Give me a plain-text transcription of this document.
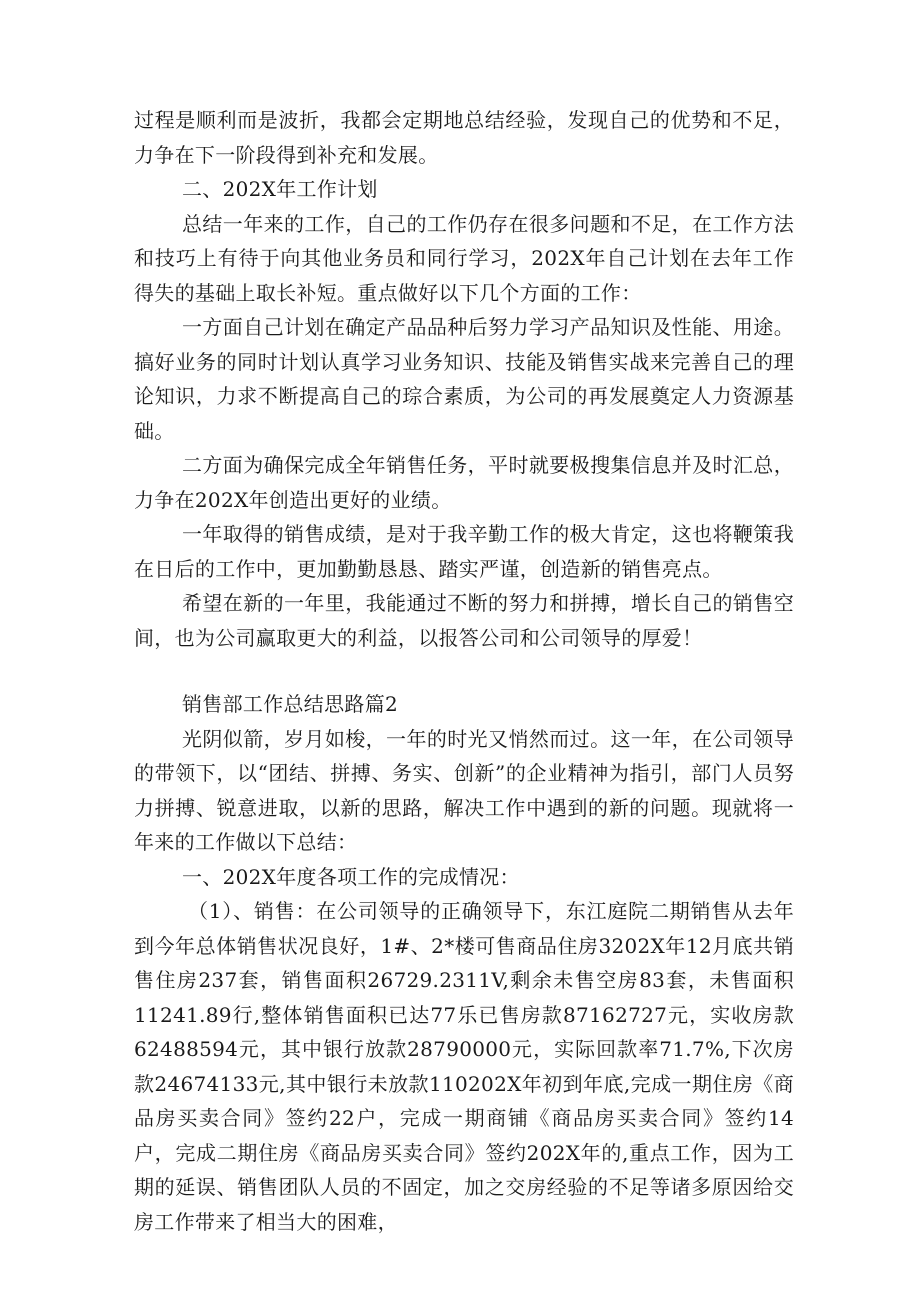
过程是顺利而是波折，我都会定期地总结经验，发现自己的优势和不足，力争在下一阶段得到补充和发展。

二、202X年工作计划

总结一年来的工作，自己的工作仍存在很多问题和不足，在工作方法和技巧上有待于向其他业务员和同行学习，202X年自己计划在去年工作得失的基础上取长补短。重点做好以下几个方面的工作：

一方面自己计划在确定产品品种后努力学习产品知识及性能、用途。搞好业务的同时计划认真学习业务知识、技能及销售实战来完善自己的理论知识，力求不断提高自己的琮合素质，为公司的再发展奠定人力资源基础。

二方面为确保完成全年销售任务，平时就要极搜集信息并及时汇总，力争在202X年创造出更好的业绩。

一年取得的销售成绩，是对于我辛勤工作的极大肯定，这也将鞭策我在日后的工作中，更加勤勤恳恳、踏实严谨，创造新的销售亮点。

希望在新的一年里，我能通过不断的努力和拼搏，增长自己的销售空间，也为公司赢取更大的利益，以报答公司和公司领导的厚爱！

销售部工作总结思路篇2

光阴似箭，岁月如梭，一年的时光又悄然而过。这一年，在公司领导的带领下，以“团结、拼搏、务实、创新”的企业精神为指引，部门人员努力拼搏、锐意进取，以新的思路，解决工作中遇到的新的问题。现就将一年来的工作做以下总结：

一、202X年度各项工作的完成情况：

（1）、销售：在公司领导的正确领导下，东江庭院二期销售从去年到今年总体销售状况良好，1#、2*楼可售商品住房3202X年12月底共销售住房237套，销售面积26729.2311V,剩余未售空房83套，未售面积11241.89行,整体销售面积已达77乐已售房款87162727元，实收房款62488594元，其中银行放款28790000元，实际回款率71.7%,下次房款24674133元,其中银行未放款110202X年初到年底,完成一期住房《商品房买卖合同》签约22户，完成一期商铺《商品房买卖合同》签约14户，完成二期住房《商品房买卖合同》签约202X年的,重点工作，因为工期的延误、销售团队人员的不固定，加之交房经验的不足等诸多原因给交房工作带来了相当大的困难，
